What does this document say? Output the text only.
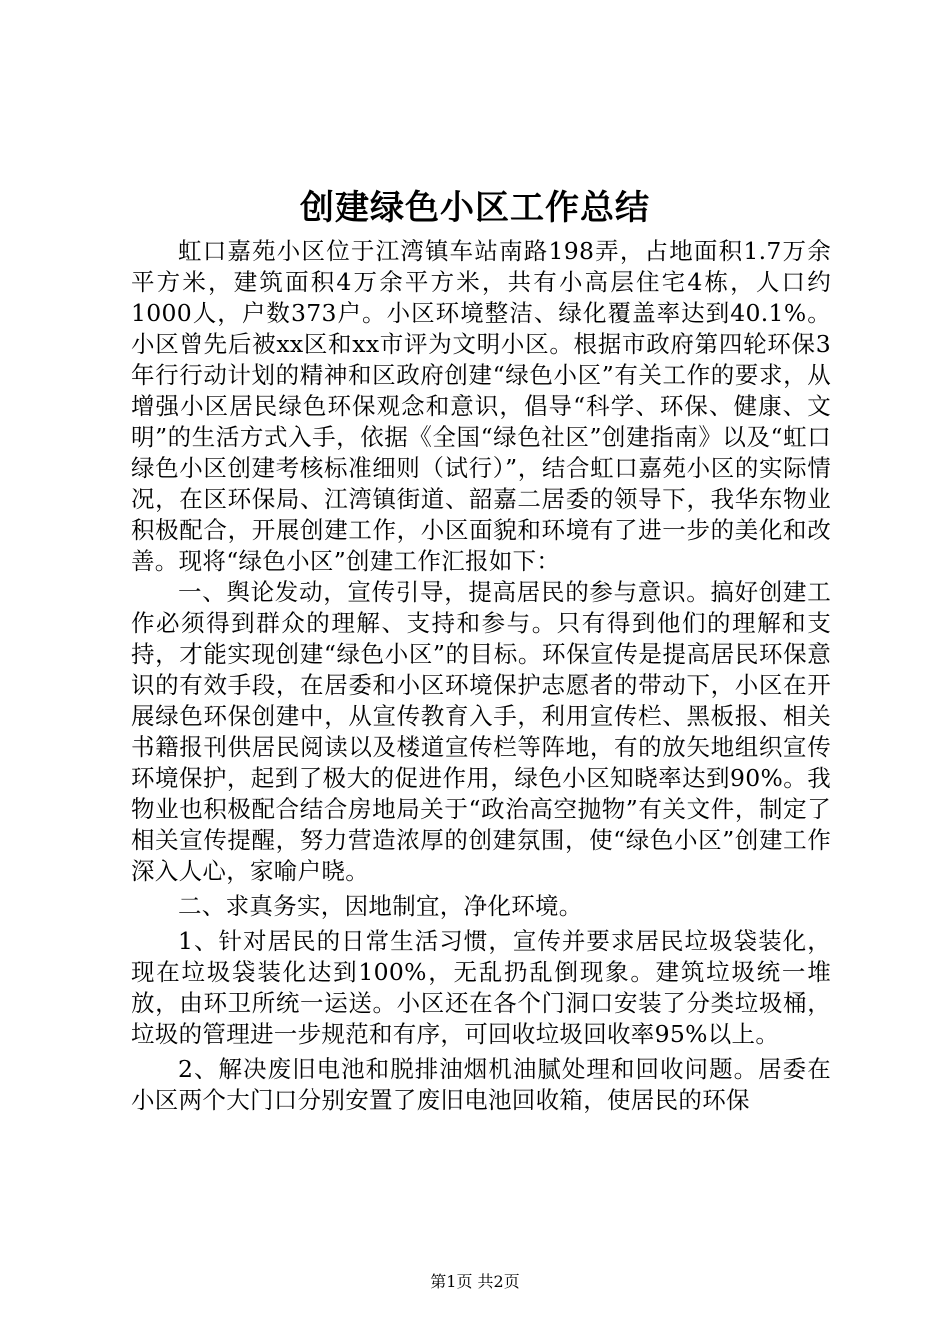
创建绿色小区工作总结

虹口嘉苑小区位于江湾镇车站南路198弄，占地面积1.7万余平方米，建筑面积4万余平方米，共有小高层住宅4栋，人口约1000人，户数373户。小区环境整洁、绿化覆盖率达到40.1%。小区曾先后被xx区和xx市评为文明小区。根据市政府第四轮环保3年行行动计划的精神和区政府创建“绿色小区”有关工作的要求，从增强小区居民绿色环保观念和意识，倡导“科学、环保、健康、文明”的生活方式入手，依据《全国“绿色社区”创建指南》以及“虹口绿色小区创建考核标准细则（试行）”，结合虹口嘉苑小区的实际情况，在区环保局、江湾镇街道、韶嘉二居委的领导下，我华东物业积极配合，开展创建工作，小区面貌和环境有了进一步的美化和改善。现将“绿色小区”创建工作汇报如下：

一、舆论发动，宣传引导，提高居民的参与意识。搞好创建工作必须得到群众的理解、支持和参与。只有得到他们的理解和支持，才能实现创建“绿色小区”的目标。环保宣传是提高居民环保意识的有效手段，在居委和小区环境保护志愿者的带动下，小区在开展绿色环保创建中，从宣传教育入手，利用宣传栏、黑板报、相关书籍报刊供居民阅读以及楼道宣传栏等阵地，有的放矢地组织宣传环境保护，起到了极大的促进作用，绿色小区知晓率达到90%。我物业也积极配合结合房地局关于“政治高空抛物”有关文件，制定了相关宣传提醒，努力营造浓厚的创建氛围，使“绿色小区”创建工作深入人心，家喻户晓。

二、求真务实，因地制宜，净化环境。

1、针对居民的日常生活习惯，宣传并要求居民垃圾袋装化，现在垃圾袋装化达到100%，无乱扔乱倒现象。建筑垃圾统一堆放，由环卫所统一运送。小区还在各个门洞口安装了分类垃圾桶，垃圾的管理进一步规范和有序，可回收垃圾回收率95%以上。

2、解决废旧电池和脱排油烟机油腻处理和回收问题。居委在小区两个大门口分别安置了废旧电池回收箱，使居民的环保

第1页 共2页
